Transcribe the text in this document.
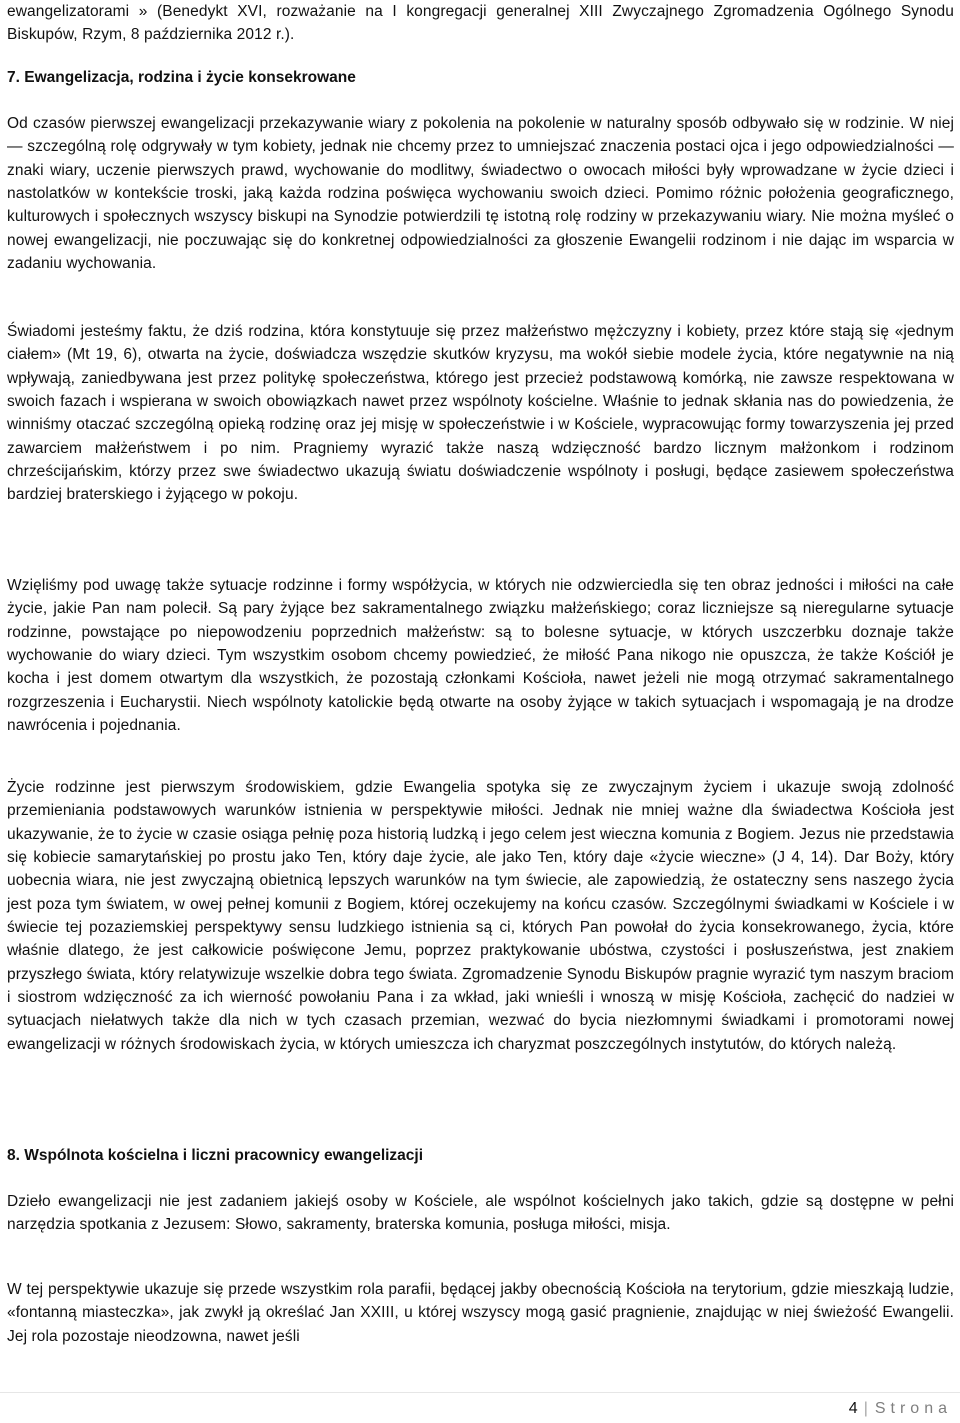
ewangelizatorami » (Benedykt XVI, rozważanie na I kongregacji generalnej XIII Zwyczajnego Zgromadzenia Ogólnego Synodu Biskupów, Rzym, 8 października 2012 r.).

7. Ewangelizacja, rodzina i życie konsekrowane

Od czasów pierwszej ewangelizacji przekazywanie wiary z pokolenia na pokolenie w naturalny sposób odbywało się w rodzinie. W niej — szczególną rolę odgrywały w tym kobiety, jednak nie chcemy przez to umniejszać znaczenia postaci ojca i jego odpowiedzialności — znaki wiary, uczenie pierwszych prawd, wychowanie do modlitwy, świadectwo o owocach miłości były wprowadzane w życie dzieci i nastolatków w kontekście troski, jaką każda rodzina poświęca wychowaniu swoich dzieci. Pomimo różnic położenia geograficznego, kulturowych i społecznych wszyscy biskupi na Synodzie potwierdzili tę istotną rolę rodziny w przekazywaniu wiary. Nie można myśleć o nowej ewangelizacji, nie poczuwając się do konkretnej odpowiedzialności za głoszenie Ewangelii rodzinom i nie dając im wsparcia w zadaniu wychowania.

Świadomi jesteśmy faktu, że dziś rodzina, która konstytuuje się przez małżeństwo mężczyzny i kobiety, przez które stają się «jednym ciałem» (Mt 19, 6), otwarta na życie, doświadcza wszędzie skutków kryzysu, ma wokół siebie modele życia, które negatywnie na nią wpływają, zaniedbywana jest przez politykę społeczeństwa, którego jest przecież podstawową komórką, nie zawsze respektowana w swoich fazach i wspierana w swoich obowiązkach nawet przez wspólnoty kościelne. Właśnie to jednak skłania nas do powiedzenia, że winniśmy otaczać szczególną opieką rodzinę oraz jej misję w społeczeństwie i w Kościele, wypracowując formy towarzyszenia jej przed zawarciem małżeństwem i po nim. Pragniemy wyrazić także naszą wdzięczność bardzo licznym małżonkom i rodzinom chrześcijańskim, którzy przez swe świadectwo ukazują światu doświadczenie wspólnoty i posługi, będące zasiewem społeczeństwa bardziej braterskiego i żyjącego w pokoju.

Wzięliśmy pod uwagę także sytuacje rodzinne i formy współżycia, w których nie odzwierciedla się ten obraz jedności i miłości na całe życie, jakie Pan nam polecił. Są pary żyjące bez sakramentalnego związku małżeńskiego; coraz liczniejsze są nieregularne sytuacje rodzinne, powstające po niepowodzeniu poprzednich małżeństw: są to bolesne sytuacje, w których uszczerbku doznaje także wychowanie do wiary dzieci. Tym wszystkim osobom chcemy powiedzieć, że miłość Pana nikogo nie opuszcza, że także Kościół je kocha i jest domem otwartym dla wszystkich, że pozostają członkami Kościoła, nawet jeżeli nie mogą otrzymać sakramentalnego rozgrzeszenia i Eucharystii. Niech wspólnoty katolickie będą otwarte na osoby żyjące w takich sytuacjach i wspomagają je na drodze nawrócenia i pojednania.

Życie rodzinne jest pierwszym środowiskiem, gdzie Ewangelia spotyka się ze zwyczajnym życiem i ukazuje swoją zdolność przemieniania podstawowych warunków istnienia w perspektywie miłości. Jednak nie mniej ważne dla świadectwa Kościoła jest ukazywanie, że to życie w czasie osiąga pełnię poza historią ludzką i jego celem jest wieczna komunia z Bogiem. Jezus nie przedstawia się kobiecie samarytańskiej po prostu jako Ten, który daje życie, ale jako Ten, który daje «życie wieczne» (J 4, 14). Dar Boży, który uobecnia wiara, nie jest zwyczajną obietnicą lepszych warunków na tym świecie, ale zapowiedzią, że ostateczny sens naszego życia jest poza tym światem, w owej pełnej komunii z Bogiem, której oczekujemy na końcu czasów. Szczególnymi świadkami w Kościele i w świecie tej pozaziemskiej perspektywy sensu ludzkiego istnienia są ci, których Pan powołał do życia konsekrowanego, życia, które właśnie dlatego, że jest całkowicie poświęcone Jemu, poprzez praktykowanie ubóstwa, czystości i posłuszeństwa, jest znakiem przyszłego świata, który relatywizuje wszelkie dobra tego świata. Zgromadzenie Synodu Biskupów pragnie wyrazić tym naszym braciom i siostrom wdzięczność za ich wierność powołaniu Pana i za wkład, jaki wnieśli i wnoszą w misję Kościoła, zachęcić do nadziei w sytuacjach niełatwych także dla nich w tych czasach przemian, wezwać do bycia niezłomnymi świadkami i promotorami nowej ewangelizacji w różnych środowiskach życia, w których umieszcza ich charyzmat poszczególnych instytutów, do których należą.

8. Wspólnota kościelna i liczni pracownicy ewangelizacji

Dzieło ewangelizacji nie jest zadaniem jakiejś osoby w Kościele, ale wspólnot kościelnych jako takich, gdzie są dostępne w pełni narzędzia spotkania z Jezusem: Słowo, sakramenty, braterska komunia, posługa miłości, misja.

W tej perspektywie ukazuje się przede wszystkim rola parafii, będącej jakby obecnością Kościoła na terytorium, gdzie mieszkają ludzie, «fontanną miasteczka», jak zwykł ją określać Jan XXIII, u której wszyscy mogą gasić pragnienie, znajdując w niej świeżość Ewangelii. Jej rola pozostaje nieodzowna, nawet jeśli

4 | Strona
